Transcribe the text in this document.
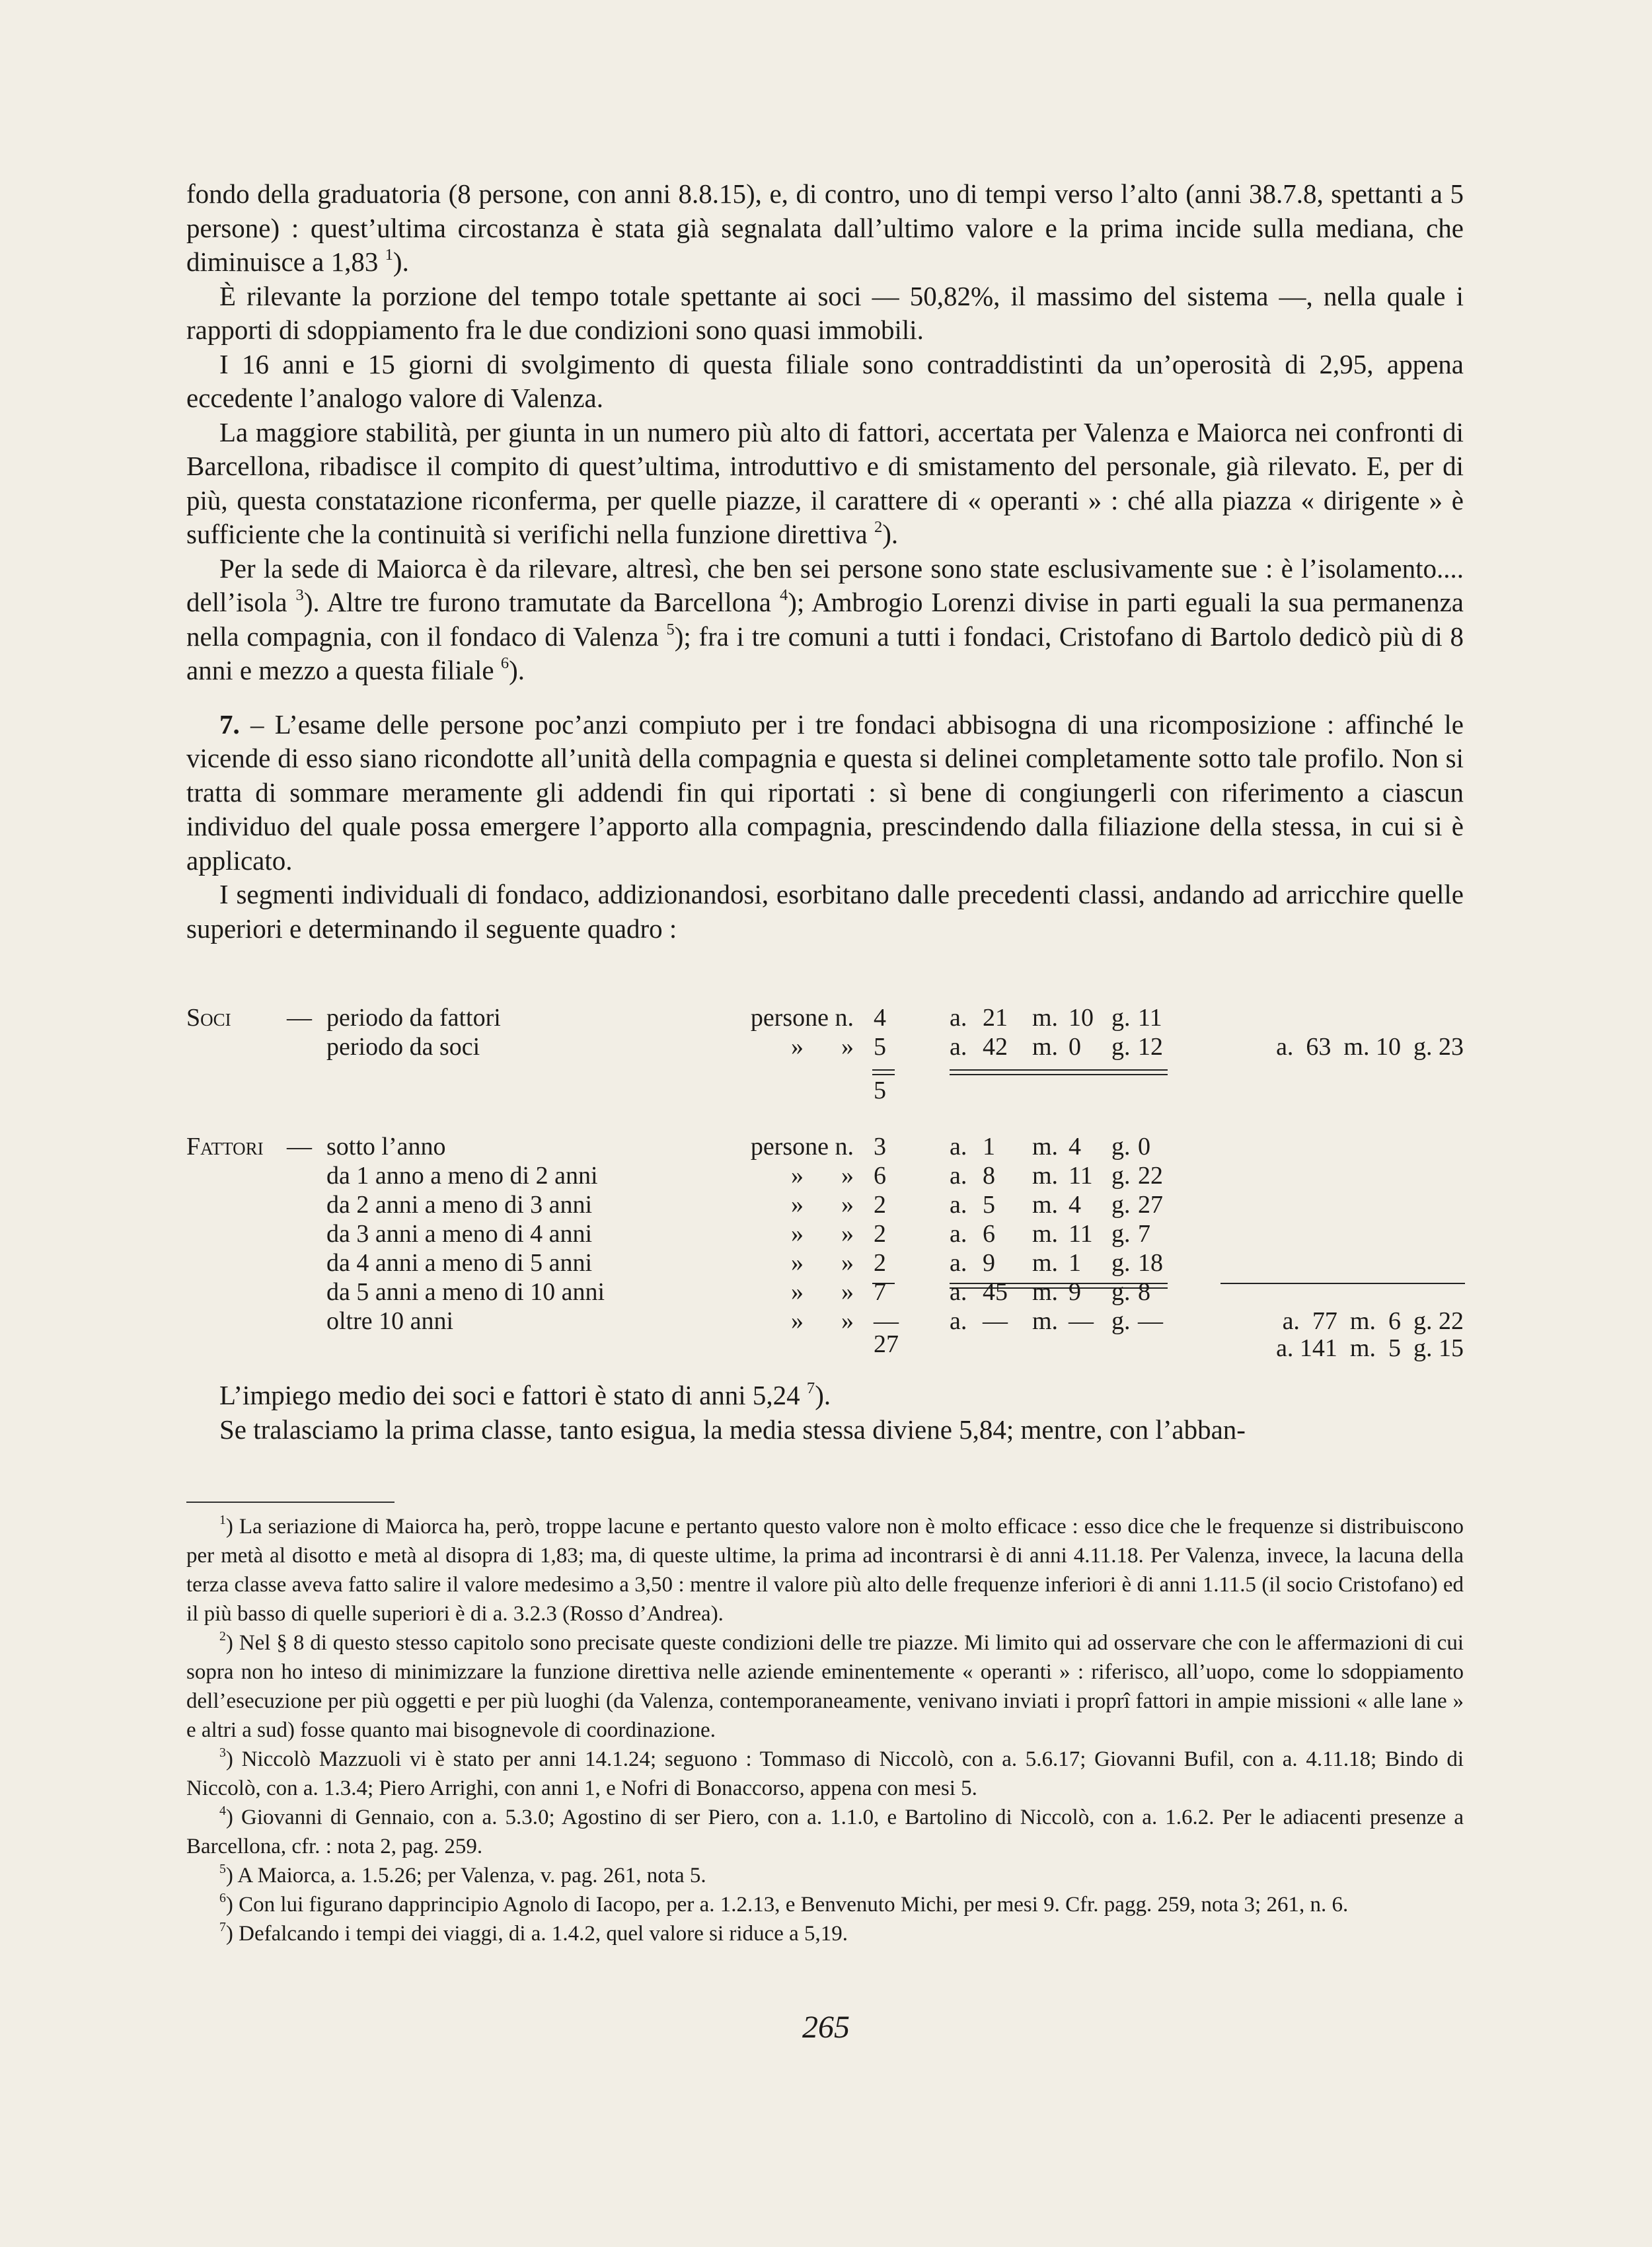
fondo della graduatoria (8 persone, con anni 8.8.15), e, di contro, uno di tempi verso l’alto (anni 38.7.8, spettanti a 5 persone) : quest’ultima circostanza è stata già segnalata dall’ultimo valore e la prima incide sulla mediana, che diminuisce a 1,83 $^1$).

È rilevante la porzione del tempo totale spettante ai soci — 50,82%, il massimo del sistema —, nella quale i rapporti di sdoppiamento fra le due condizioni sono quasi immobili.

I 16 anni e 15 giorni di svolgimento di questa filiale sono contraddistinti da un’operosità di 2,95, appena eccedente l’analogo valore di Valenza.

La maggiore stabilità, per giunta in un numero più alto di fattori, accertata per Valenza e Maiorca nei confronti di Barcellona, ribadisce il compito di quest’ultima, introduttivo e di smistamento del personale, già rilevato. E, per di più, questa constatazione riconferma, per quelle piazze, il carattere di « operanti » : ché alla piazza « dirigente » è sufficiente che la continuità si verifichi nella funzione direttiva $^2$).

Per la sede di Maiorca è da rilevare, altresì, che ben sei persone sono state esclusivamente sue : è l’isolamento.... dell’isola $^3$). Altre tre furono tramutate da Barcellona $^4$); Ambrogio Lorenzi divise in parti eguali la sua permanenza nella compagnia, con il fondaco di Valenza $^5$); fra i tre comuni a tutti i fondaci, Cristofano di Bartolo dedicò più di 8 anni e mezzo a questa filiale $^6$).

7. – L’esame delle persone poc’anzi compiuto per i tre fondaci abbisogna di una ricomposizione : affinché le vicende di esso siano ricondotte all’unità della compagnia e questa si delinei completamente sotto tale profilo. Non si tratta di sommare meramente gli addendi fin qui riportati : sì bene di congiungerli con riferimento a ciascun individuo del quale possa emergere l’apporto alla compagnia, prescindendo dalla filiazione della stessa, in cui si è applicato.

I segmenti individuali di fondaco, addizionandosi, esorbitano dalle precedenti classi, andando ad arricchire quelle superiori e determinando il seguente quadro :

Soci — periodo da fattori	persone n. 4	a. 21 m. 10 g. 11
periodo da soci	»      » 5	a. 42 m. 0 g. 12	a.  63  m. 10  g. 23
5
Fattori — sotto l’anno	persone n. 3	a. 1 m. 4 g. 0
da 1 anno a meno di 2 anni	»      » 6	a. 8 m. 11 g. 22
da 2 anni a meno di 3 anni	»      » 2	a. 5 m. 4 g. 27
da 3 anni a meno di 4 anni	»      » 2	a. 6 m. 11 g. 7
da 4 anni a meno di 5 anni	»      » 2	a. 9 m. 1 g. 18
da 5 anni a meno di 10 anni	»      » 7	a. 45 m. 9 g. 8
oltre 10 anni	»      » — a. — m. — g. —	a.  77  m.  6  g. 22
27	a. 141  m.  5  g. 15

L’impiego medio dei soci e fattori è stato di anni 5,24 $^7$).

Se tralasciamo la prima classe, tanto esigua, la media stessa diviene 5,84; mentre, con l’abban-

$^1$) La seriazione di Maiorca ha, però, troppe lacune e pertanto questo valore non è molto efficace : esso dice che le frequenze si distribuiscono per metà al disotto e metà al disopra di 1,83; ma, di queste ultime, la prima ad incontrarsi è di anni 4.11.18. Per Valenza, invece, la lacuna della terza classe aveva fatto salire il valore medesimo a 3,50 : mentre il valore più alto delle frequenze inferiori è di anni 1.11.5 (il socio Cristofano) ed il più basso di quelle superiori è di a. 3.2.3 (Rosso d’Andrea).

$^2$) Nel § 8 di questo stesso capitolo sono precisate queste condizioni delle tre piazze. Mi limito qui ad osservare che con le affermazioni di cui sopra non ho inteso di minimizzare la funzione direttiva nelle aziende eminentemente « operanti » : riferisco, all’uopo, come lo sdoppiamento dell’esecuzione per più oggetti e per più luoghi (da Valenza, contemporaneamente, venivano inviati i proprî fattori in ampie missioni « alle lane » e altri a sud) fosse quanto mai bisognevole di coordinazione.

$^3$) Niccolò Mazzuoli vi è stato per anni 14.1.24; seguono : Tommaso di Niccolò, con a. 5.6.17; Giovanni Bufil, con a. 4.11.18; Bindo di Niccolò, con a. 1.3.4; Piero Arrighi, con anni 1, e Nofri di Bonaccorso, appena con mesi 5.

$^4$) Giovanni di Gennaio, con a. 5.3.0; Agostino di ser Piero, con a. 1.1.0, e Bartolino di Niccolò, con a. 1.6.2. Per le adiacenti presenze a Barcellona, cfr. : nota 2, pag. 259.

$^5$) A Maiorca, a. 1.5.26; per Valenza, v. pag. 261, nota 5.

$^6$) Con lui figurano dapprincipio Agnolo di Iacopo, per a. 1.2.13, e Benvenuto Michi, per mesi 9. Cfr. pagg. 259, nota 3; 261, n. 6.

$^7$) Defalcando i tempi dei viaggi, di a. 1.4.2, quel valore si riduce a 5,19.

265
